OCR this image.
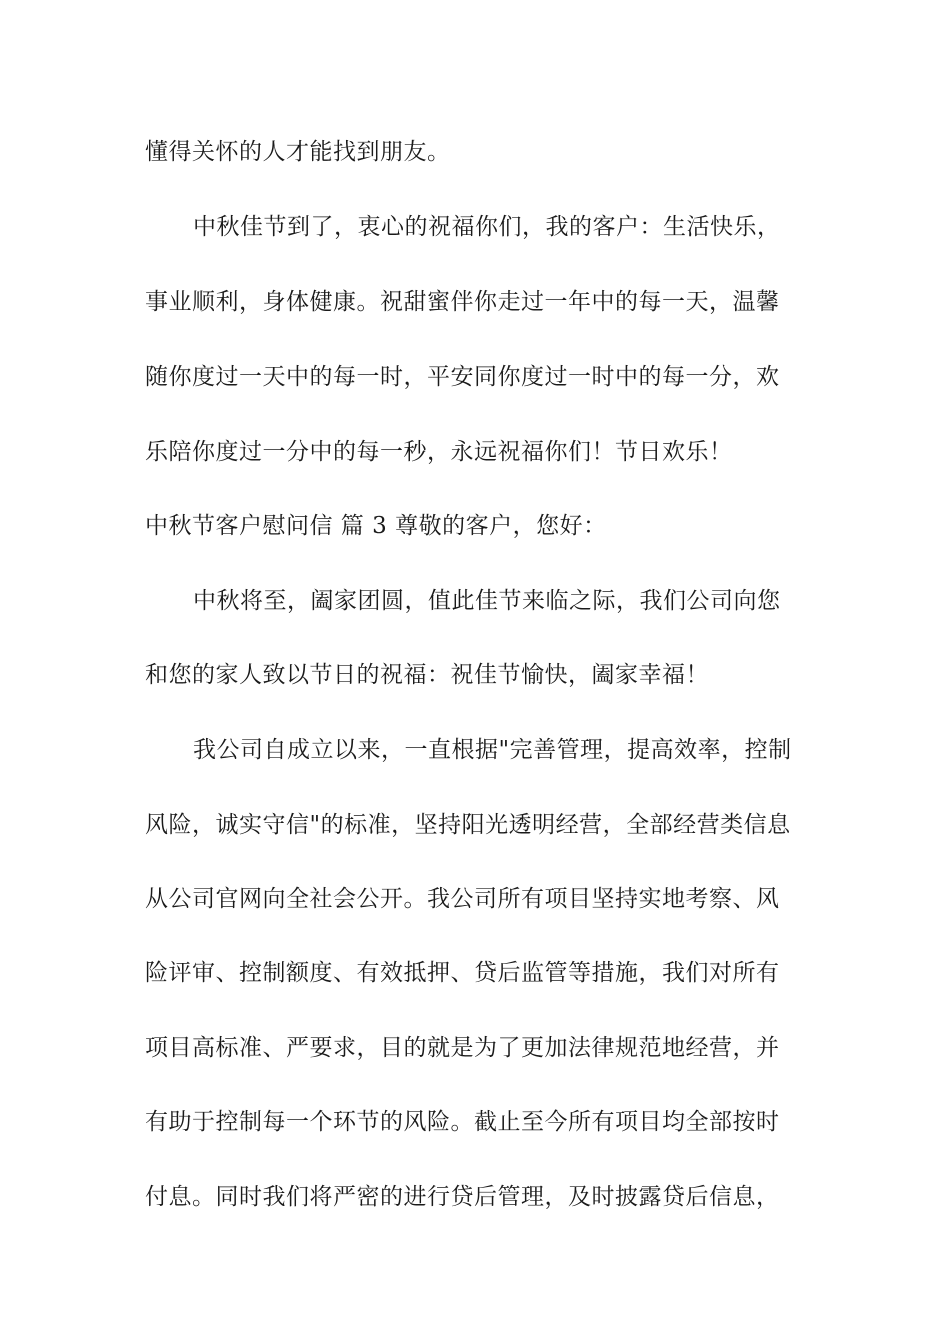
懂得关怀的人才能找到朋友。
中秋佳节到了，衷心的祝福你们，我的客户：生活快乐，
事业顺利，身体健康。祝甜蜜伴你走过一年中的每一天，温馨
随你度过一天中的每一时，平安同你度过一时中的每一分，欢
乐陪你度过一分中的每一秒，永远祝福你们！节日欢乐！
中秋节客户慰问信 篇 3 尊敬的客户，您好：
中秋将至，阖家团圆，值此佳节来临之际，我们公司向您
和您的家人致以节日的祝福：祝佳节愉快，阖家幸福！
我公司自成立以来，一直根据"完善管理，提高效率，控制
风险，诚实守信"的标准，坚持阳光透明经营，全部经营类信息
从公司官网向全社会公开。我公司所有项目坚持实地考察、风
险评审、控制额度、有效抵押、贷后监管等措施，我们对所有
项目高标准、严要求，目的就是为了更加法律规范地经营，并
有助于控制每一个环节的风险。截止至今所有项目均全部按时
付息。同时我们将严密的进行贷后管理，及时披露贷后信息，
